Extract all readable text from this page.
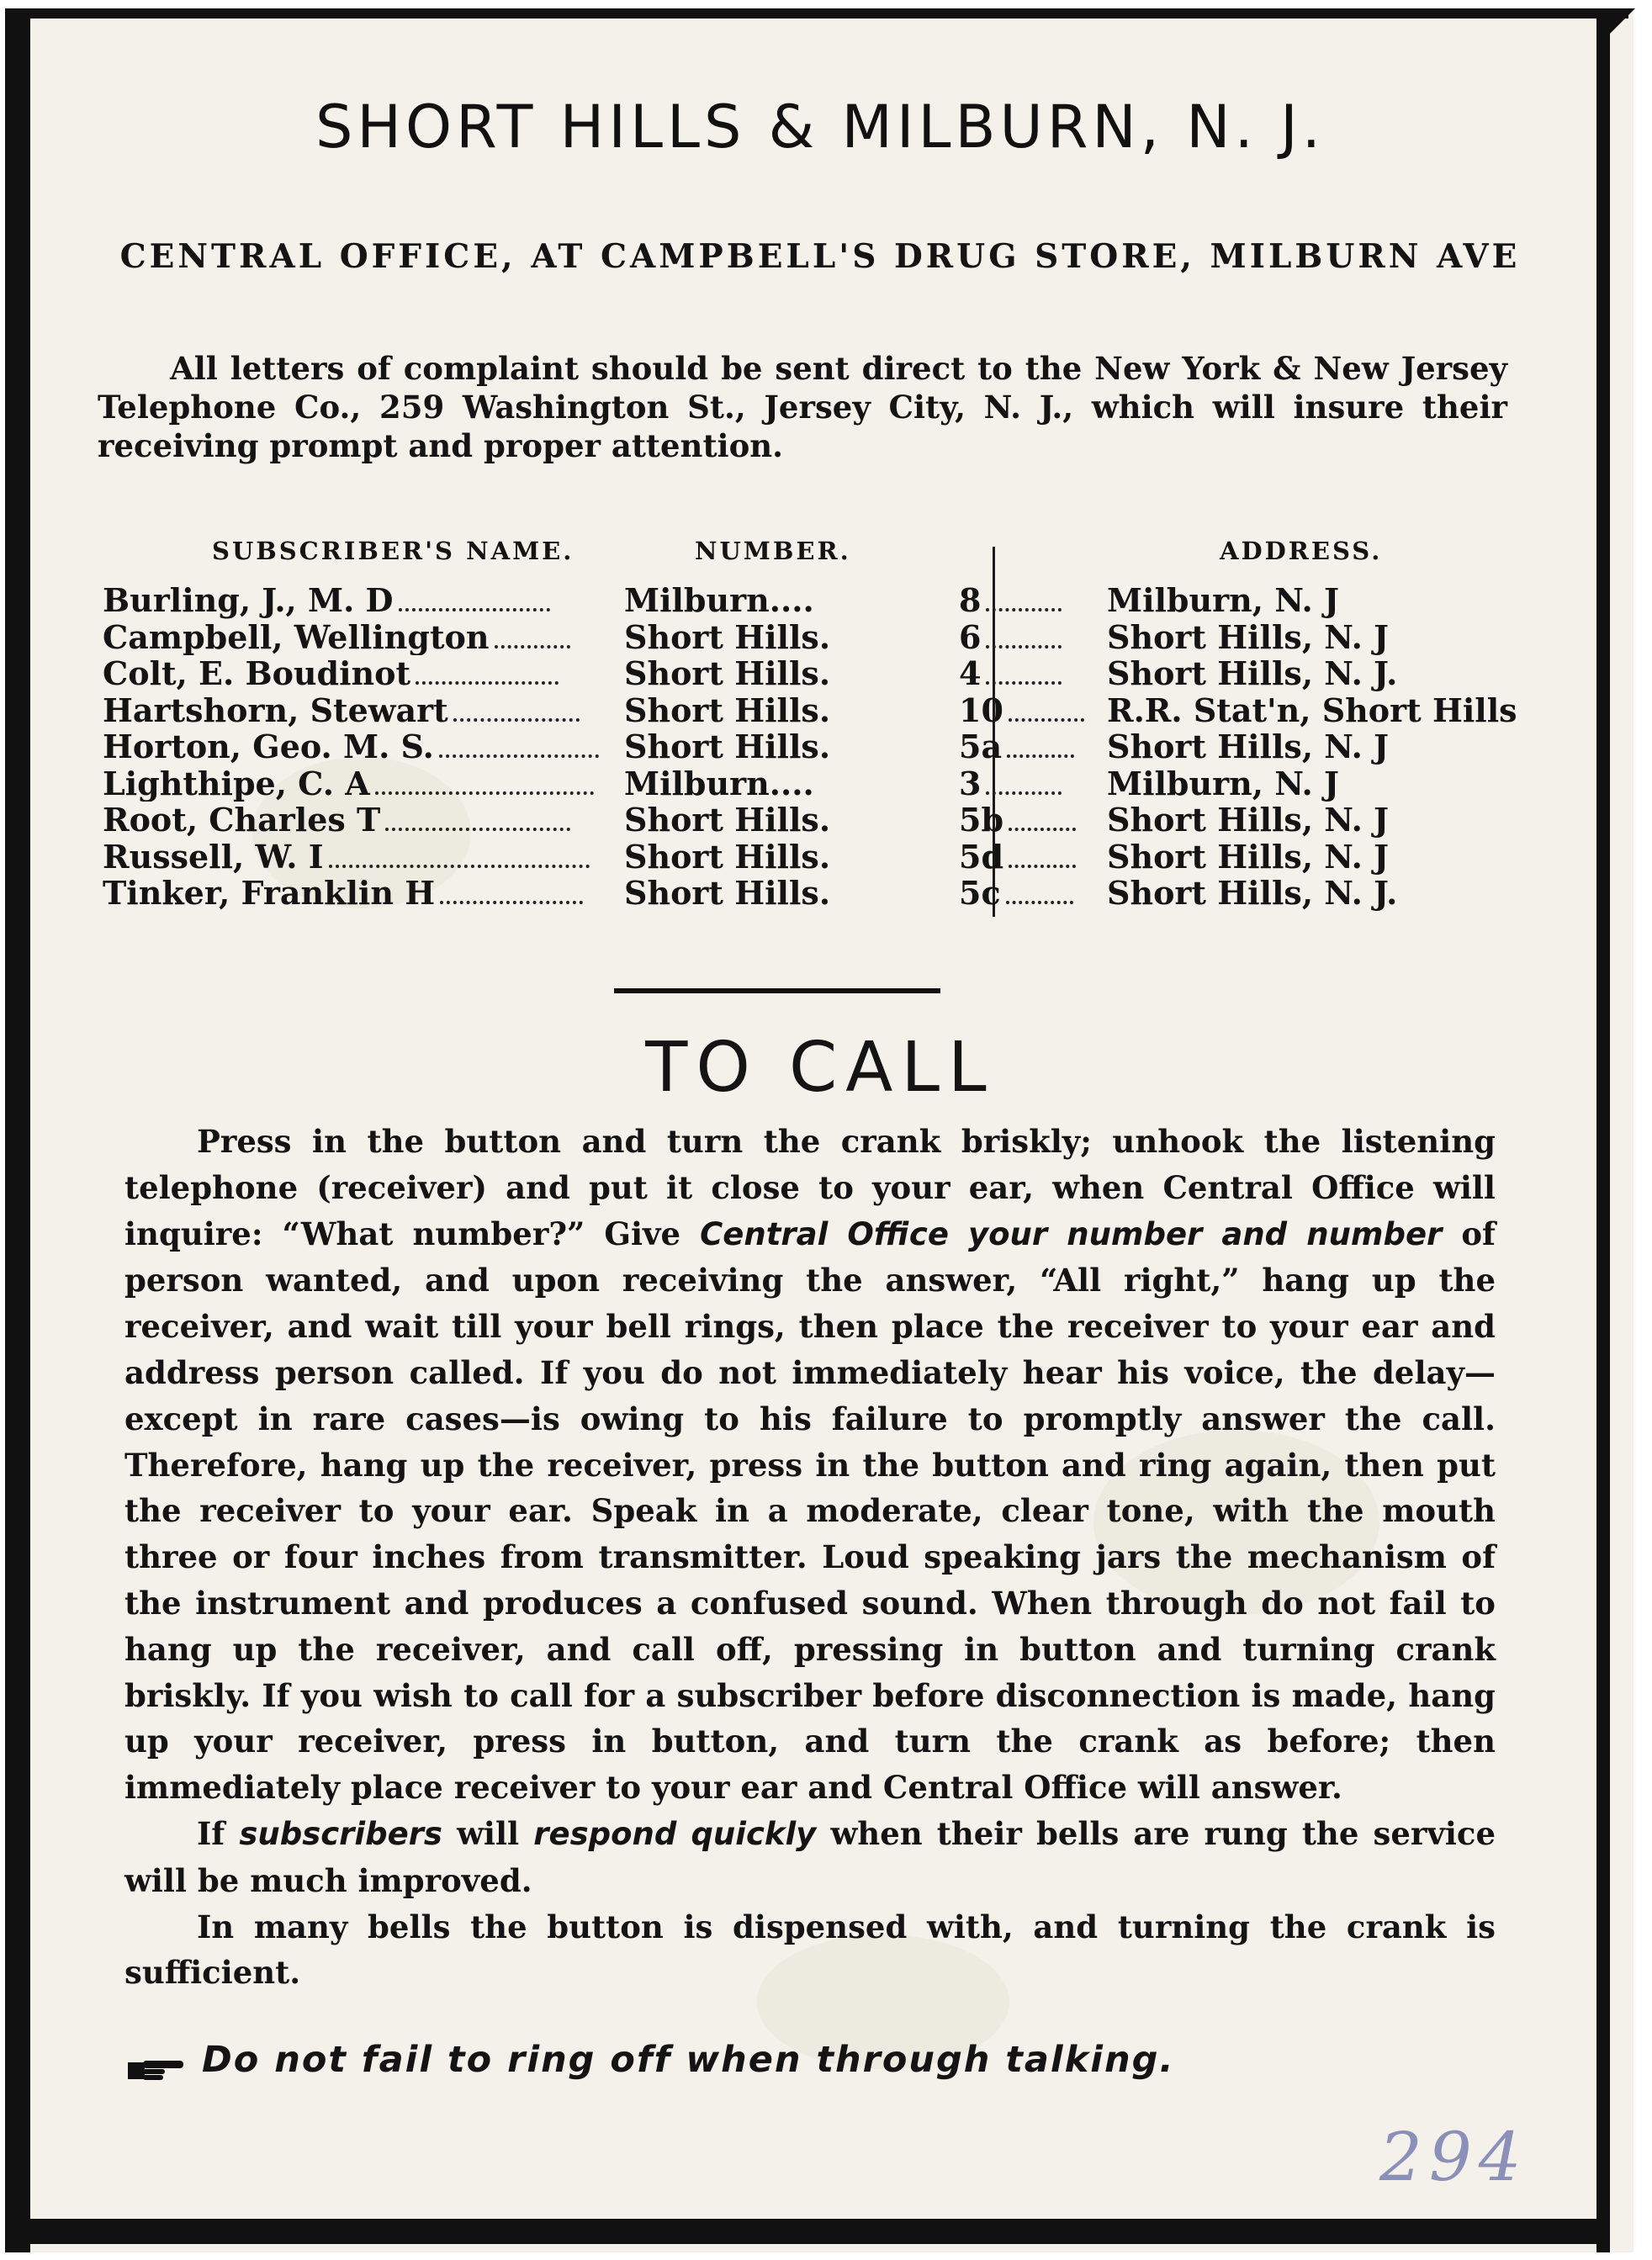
SHORT HILLS & MILBURN, N. J.
CENTRAL OFFICE, AT CAMPBELL'S DRUG STORE, MILBURN AVE
All letters of complaint should be sent direct to the New York & New Jersey Telephone Co., 259 Washington St., Jersey City, N. J., which will insure their receiving prompt and proper attention.
SUBSCRIBER'S NAME.	NUMBER.	ADDRESS.
Burling, J., M. D	Milburn....	8	Milburn, N. J
Campbell, Wellington	Short Hills.	6	Short Hills, N. J
Colt, E. Boudinot	Short Hills.	4	Short Hills, N. J.
Hartshorn, Stewart	Short Hills.	10	R.R. Stat'n, Short Hills
Horton, Geo. M. S.	Short Hills.	5a	Short Hills, N. J
Lighthipe, C. A	Milburn....	3	Milburn, N. J
Root, Charles T	Short Hills.	5b	Short Hills, N. J
Russell, W. I	Short Hills.	5d	Short Hills, N. J
Tinker, Franklin H	Short Hills.	5c	Short Hills, N. J.
TO CALL

Press in the button and turn the crank briskly; unhook the listening telephone (receiver) and put it close to your ear, when Central Office will inquire: “What number?” Give Central Office your number and number of person wanted, and upon receiving the answer, “All right,” hang up the receiver, and wait till your bell rings, then place the receiver to your ear and address person called. If you do not immediately hear his voice, the delay—except in rare cases—is owing to his failure to promptly answer the call. Therefore, hang up the receiver, press in the button and ring again, then put the receiver to your ear. Speak in a moderate, clear tone, with the mouth three or four inches from transmitter. Loud speaking jars the mechanism of the instrument and produces a confused sound. When through do not fail to hang up the receiver, and call off, pressing in button and turning crank briskly. If you wish to call for a subscriber before disconnection is made, hang up your receiver, press in button, and turn the crank as before; then immediately place receiver to your ear and Central Office will answer.

If subscribers will respond quickly when their bells are rung the service will be much improved.

In many bells the button is dispensed with, and turning the crank is sufficient.

Do not fail to ring off when through talking.
294
